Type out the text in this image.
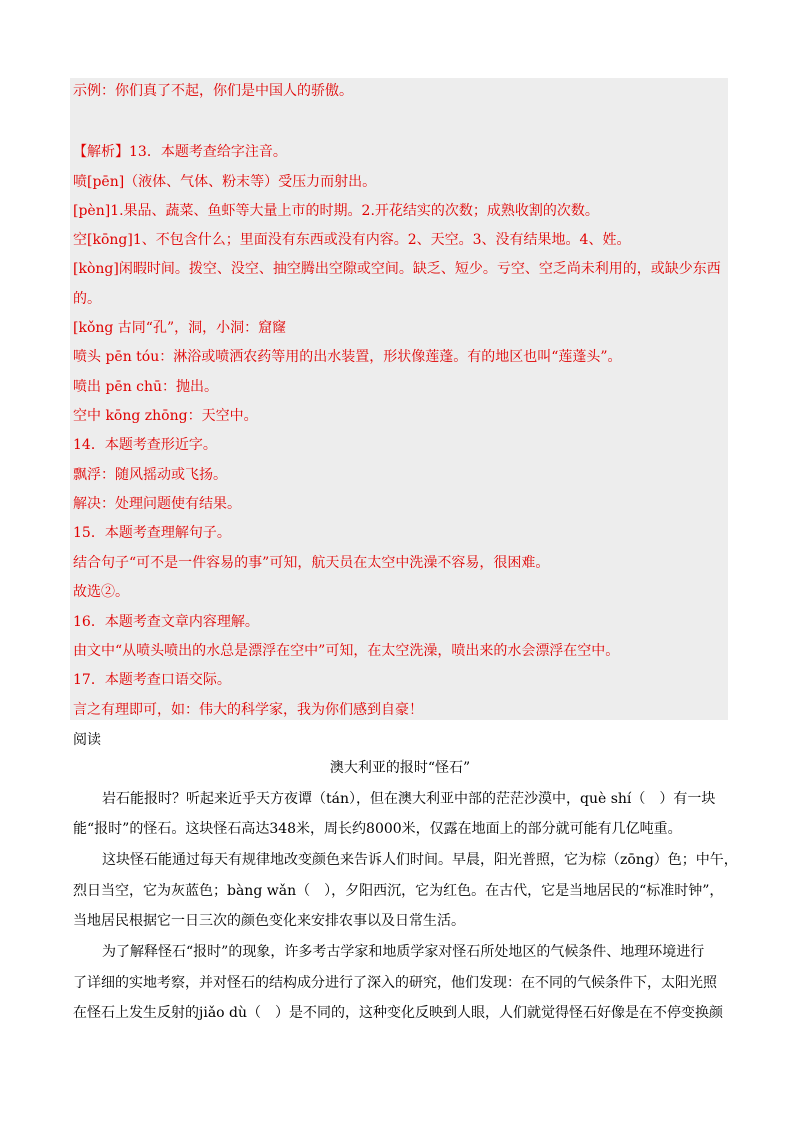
示例：你们真了不起，你们是中国人的骄傲。
【解析】13．本题考查给字注音。
喷[pēn]（液体、气体、粉末等）受压力而射出。
[pèn]1.果品、蔬菜、鱼虾等大量上市的时期。2.开花结实的次数；成熟收割的次数。
空[kōng]1、不包含什么；里面没有东西或没有内容。2、天空。3、没有结果地。4、姓。
[kòng]闲暇时间。拨空、没空、抽空腾出空隙或空间。缺乏、短少。亏空、空乏尚未利用的，或缺少东西
的。
[kǒng 古同“孔”，洞，小洞：窟窿
喷头 pēn tóu：淋浴或喷洒农药等用的出水装置，形状像莲蓬。有的地区也叫“莲蓬头”。
喷出 pēn chū：抛出。
空中 kōng zhōng：天空中。
14．本题考查形近字。
飘浮：随风摇动或飞扬。
解决：处理问题使有结果。
15．本题考查理解句子。
结合句子“可不是一件容易的事”可知，航天员在太空中洗澡不容易，很困难。
故选②。
16．本题考查文章内容理解。
由文中“从喷头喷出的水总是漂浮在空中”可知，在太空洗澡，喷出来的水会漂浮在空中。
17．本题考查口语交际。
言之有理即可，如：伟大的科学家，我为你们感到自豪！
阅读
澳大利亚的报时“怪石”
岩石能报时？听起来近乎天方夜谭（tán），但在澳大利亚中部的茫茫沙漠中，què shí（　）有一块
能“报时”的怪石。这块怪石高达348米，周长约8000米，仅露在地面上的部分就可能有几亿吨重。
这块怪石能通过每天有规律地改变颜色来告诉人们时间。早晨，阳光普照，它为棕（zōng）色；中午，
烈日当空，它为灰蓝色；bàng wǎn（　），夕阳西沉，它为红色。在古代，它是当地居民的“标准时钟”，
当地居民根据它一日三次的颜色变化来安排农事以及日常生活。
为了解释怪石“报时”的现象，许多考古学家和地质学家对怪石所处地区的气候条件、地理环境进行
了详细的实地考察，并对怪石的结构成分进行了深入的研究，他们发现：在不同的气候条件下，太阳光照
在怪石上发生反射的jiǎo dù（　）是不同的，这种变化反映到人眼，人们就觉得怪石好像是在不停变换颜
